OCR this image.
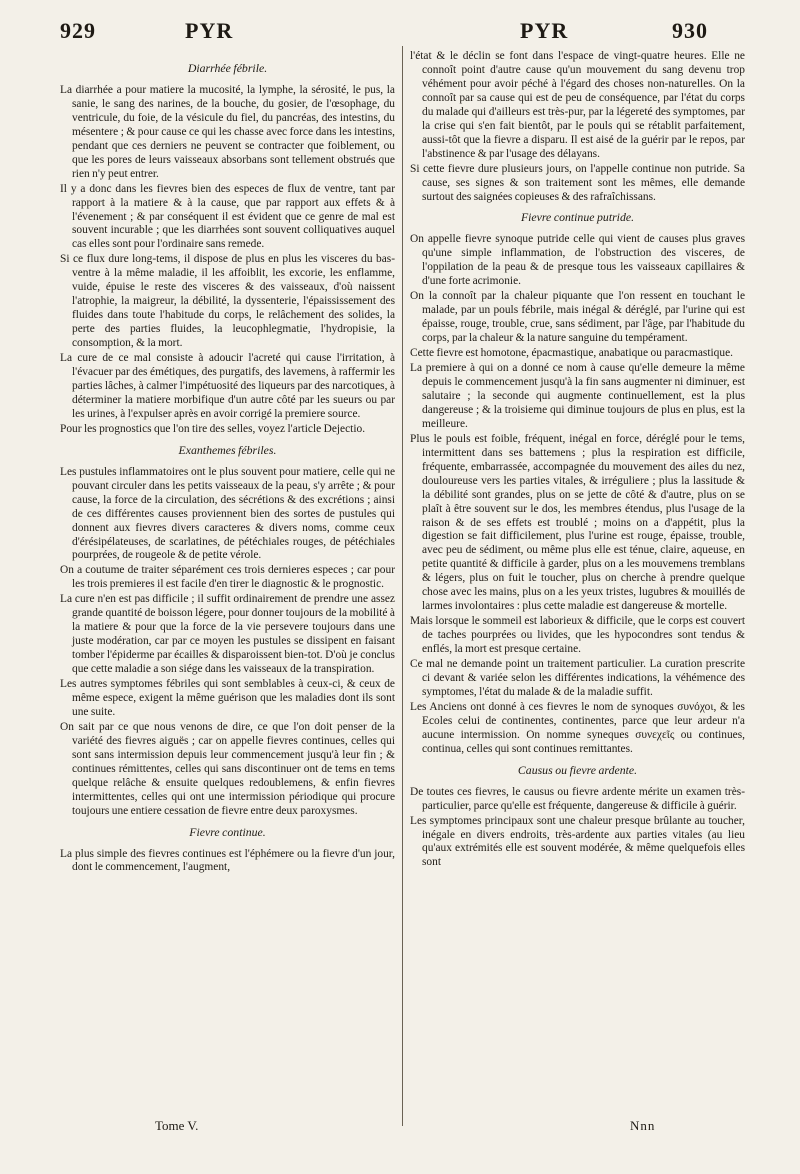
929	PYR	PYR	930
Diarrhée fébrile.

La diarrhée a pour matiere la mucosité, la lymphe, la sérosité, le pus, la sanie, le sang des narines, de la bouche, du gosier, de l'œsophage, du ventricule, du foie, de la vésicule du fiel, du pancréas, des intestins, du mésentere ; & pour cause ce qui les chasse avec force dans les intestins, pendant que ces derniers ne peuvent se contracter que foiblement, ou que les pores de leurs vaisseaux absorbans sont tellement obstrués que rien n'y peut entrer.

Il y a donc dans les fievres bien des especes de flux de ventre, tant par rapport à la matiere & à la cause, que par rapport aux effets & à l'évenement ; & par conséquent il est évident que ce genre de mal est souvent incurable ; que les diarrhées sont souvent colliquatives auquel cas elles sont pour l'ordinaire sans remede.

Si ce flux dure long-tems, il dispose de plus en plus les visceres du bas-ventre à la même maladie, il les affoiblit, les excorie, les enflamme, vuide, épuise le reste des visceres & des vaisseaux, d'où naissent l'atrophie, la maigreur, la débilité, la dyssenterie, l'épaississement des fluides dans toute l'habitude du corps, le relâchement des solides, la perte des parties fluides, la leucophlegmatie, l'hydropisie, la consomption, & la mort.

La cure de ce mal consiste à adoucir l'acreté qui cause l'irritation, à l'évacuer par des émétiques, des purgatifs, des lavemens, à raffermir les parties lâches, à calmer l'impétuosité des liqueurs par des narcotiques, à déterminer la matiere morbifique d'un autre côté par les sueurs ou par les urines, à l'expulser après en avoir corrigé la premiere source.

Pour les prognostics que l'on tire des selles, voyez l'article Dejectio.

Exanthemes fébriles.

Les pustules inflammatoires ont le plus souvent pour matiere, celle qui ne pouvant circuler dans les petits vaisseaux de la peau, s'y arrête ; & pour cause, la force de la circulation, des sécrétions & des excrétions ; ainsi de ces différentes causes proviennent bien des sortes de pustules qui donnent aux fievres divers caracteres & divers noms, comme ceux d'érésipélateuses, de scarlatines, de pétéchiales rouges, de pétéchiales pourprées, de rougeole & de petite vérole.

On a coutume de traiter séparément ces trois dernieres especes ; car pour les trois premieres il est facile d'en tirer le diagnostic & le prognostic.

La cure n'en est pas difficile ; il suffit ordinairement de prendre une assez grande quantité de boisson légere, pour donner toujours de la mobilité à la matiere & pour que la force de la vie persevere toujours dans une juste modération, car par ce moyen les pustules se dissipent en faisant tomber l'épiderme par écailles & disparoissent bien-tot. D'où je conclus que cette maladie a son siége dans les vaisseaux de la transpiration.

Les autres symptomes fébriles qui sont semblables à ceux-ci, & ceux de même espece, exigent la même guérison que les maladies dont ils sont une suite.

On sait par ce que nous venons de dire, ce que l'on doit penser de la variété des fievres aiguës ; car on appelle fievres continues, celles qui sont sans intermission depuis leur commencement jusqu'à leur fin ; & continues rémittentes, celles qui sans discontinuer ont de tems en tems quelque relâche & ensuite quelques redoublemens, & enfin fievres intermittentes, celles qui ont une intermission périodique qui procure toujours une entiere cessation de fievre entre deux paroxysmes.

Fievre continue.

La plus simple des fievres continues est l'éphémere ou la fievre d'un jour, dont le commencement, l'augment,

l'état & le déclin se font dans l'espace de vingt-quatre heures. Elle ne connoît point d'autre cause qu'un mouvement du sang devenu trop véhément pour avoir péché à l'égard des choses non-naturelles. On la connoît par sa cause qui est de peu de conséquence, par l'état du corps du malade qui d'ailleurs est très-pur, par la légereté des symptomes, par la crise qui s'en fait bientôt, par le pouls qui se rétablit parfaitement, aussi-tôt que la fievre a disparu. Il est aisé de la guérir par le repos, par l'abstinence & par l'usage des délayans.

Si cette fievre dure plusieurs jours, on l'appelle continue non putride. Sa cause, ses signes & son traitement sont les mêmes, elle demande surtout des saignées copieuses & des rafraîchissans.

Fievre continue putride.

On appelle fievre synoque putride celle qui vient de causes plus graves qu'une simple inflammation, de l'obstruction des visceres, de l'oppilation de la peau & de presque tous les vaisseaux capillaires & d'une forte acrimonie.

On la connoît par la chaleur piquante que l'on ressent en touchant le malade, par un pouls fébrile, mais inégal & déréglé, par l'urine qui est épaisse, rouge, trouble, crue, sans sédiment, par l'âge, par l'habitude du corps, par la chaleur & la nature sanguine du tempérament.

Cette fievre est homotone, épacmastique, anabatique ou paracmastique.

La premiere à qui on a donné ce nom à cause qu'elle demeure la même depuis le commencement jusqu'à la fin sans augmenter ni diminuer, est salutaire ; la seconde qui augmente continuellement, est la plus dangereuse ; & la troisieme qui diminue toujours de plus en plus, est la meilleure.

Plus le pouls est foible, fréquent, inégal en force, déréglé pour le tems, intermittent dans ses battemens ; plus la respiration est difficile, fréquente, embarrassée, accompagnée du mouvement des ailes du nez, douloureuse vers les parties vitales, & irréguliere ; plus la lassitude & la débilité sont grandes, plus on se jette de côté & d'autre, plus on se plaît à être souvent sur le dos, les membres étendus, plus l'usage de la raison & de ses effets est troublé ; moins on a d'appétit, plus la digestion se fait difficilement, plus l'urine est rouge, épaisse, trouble, avec peu de sédiment, ou même plus elle est ténue, claire, aqueuse, en petite quantité & difficile à garder, plus on a les mouvemens tremblans & légers, plus on fuit le toucher, plus on cherche à prendre quelque chose avec les mains, plus on a les yeux tristes, lugubres & mouillés de larmes involontaires : plus cette maladie est dangereuse & mortelle.

Mais lorsque le sommeil est laborieux & difficile, que le corps est couvert de taches pourprées ou livides, que les hypocondres sont tendus & enflés, la mort est presque certaine.

Ce mal ne demande point un traitement particulier. La curation prescrite ci devant & variée selon les différentes indications, la véhémence des symptomes, l'état du malade & de la maladie suffit.

Les Anciens ont donné à ces fievres le nom de synoques συνόχοι, & les Ecoles celui de continentes, continentes, parce que leur ardeur n'a aucune intermission. On nomme syneques συνεχεῖς ou continues, continua, celles qui sont continues remittantes.

Causus ou fievre ardente.

De toutes ces fievres, le causus ou fievre ardente mérite un examen très-particulier, parce qu'elle est fréquente, dangereuse & difficile à guérir.

Les symptomes principaux sont une chaleur presque brûlante au toucher, inégale en divers endroits, très-ardente aux parties vitales (au lieu qu'aux extrémités elle est souvent modérée, & même quelquefois elles sont

Tome V.	Nnn
